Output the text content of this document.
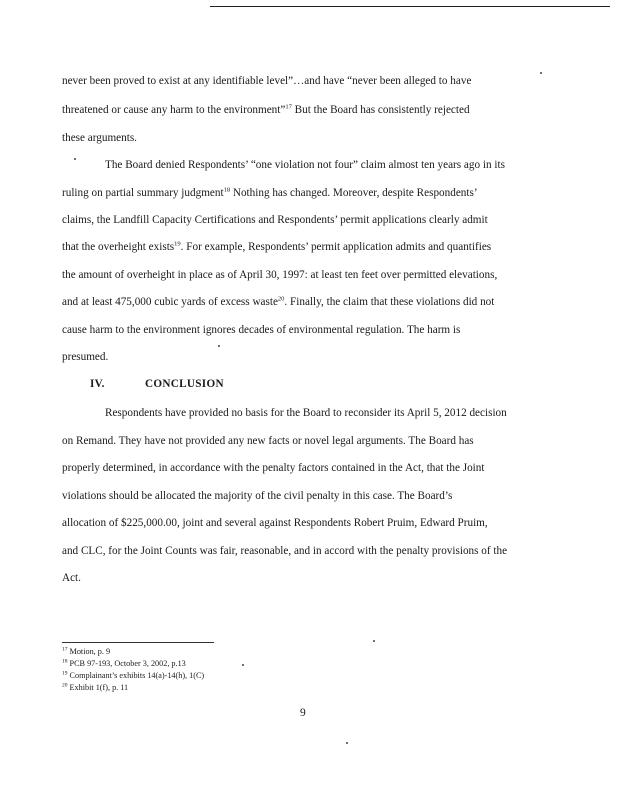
never been proved to exist at any identifiable level”…and have “never been alleged to have
threatened or cause any harm to the environment”$^{17}$ But the Board has consistently rejected
these arguments.
The Board denied Respondents’ “one violation not four” claim almost ten years ago in its
ruling on partial summary judgment$^{18}$ Nothing has changed. Moreover, despite Respondents’
claims, the Landfill Capacity Certifications and Respondents’ permit applications clearly admit
that the overheight exists$^{19}$. For example, Respondents’ permit application admits and quantifies
the amount of overheight in place as of April 30, 1997: at least ten feet over permitted elevations,
and at least 475,000 cubic yards of excess waste$^{20}$. Finally, the claim that these violations did not
cause harm to the environment ignores decades of environmental regulation. The harm is
presumed.
IV.	CONCLUSION
Respondents have provided no basis for the Board to reconsider its April 5, 2012 decision
on Remand. They have not provided any new facts or novel legal arguments. The Board has
properly determined, in accordance with the penalty factors contained in the Act, that the Joint
violations should be allocated the majority of the civil penalty in this case. The Board’s
allocation of $225,000.00, joint and several against Respondents Robert Pruim, Edward Pruim,
and CLC, for the Joint Counts was fair, reasonable, and in accord with the penalty provisions of the
Act.
$^{17}$ Motion, p. 9
$^{18}$ PCB 97-193, October 3, 2002, p.13
$^{19}$ Complainant’s exhibits 14(a)-14(h), 1(C)
$^{20}$ Exhibit 1(f), p. 11
9
